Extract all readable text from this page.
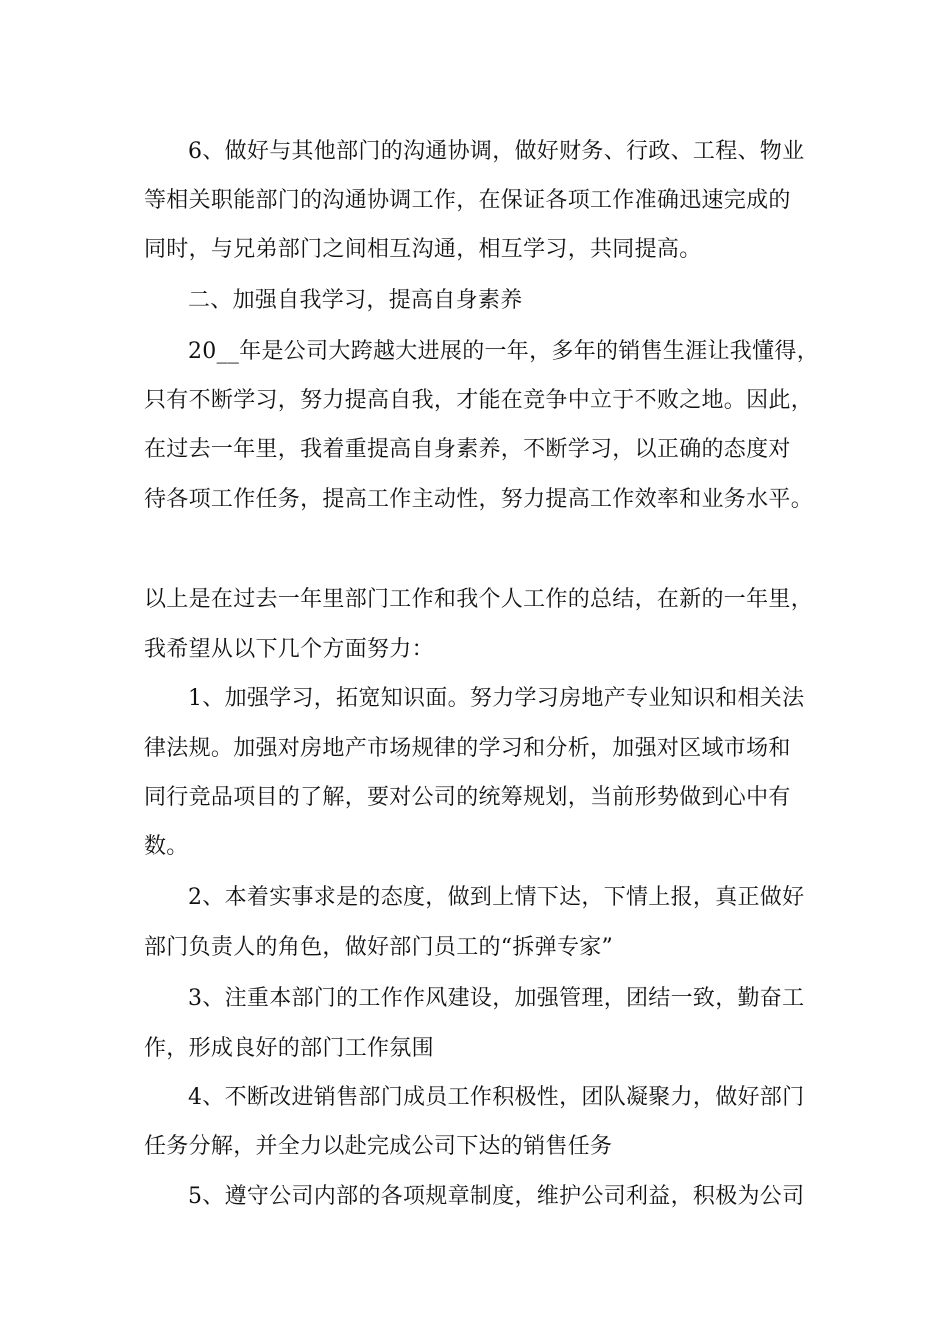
6、做好与其他部门的沟通协调，做好财务、行政、工程、物业
等相关职能部门的沟通协调工作，在保证各项工作准确迅速完成的
同时，与兄弟部门之间相互沟通，相互学习，共同提高。
二、加强自我学习，提高自身素养
20__年是公司大跨越大进展的一年，多年的销售生涯让我懂得，
只有不断学习，努力提高自我，才能在竞争中立于不败之地。因此，
在过去一年里，我着重提高自身素养，不断学习，以正确的态度对
待各项工作任务，提高工作主动性，努力提高工作效率和业务水平。
以上是在过去一年里部门工作和我个人工作的总结，在新的一年里，
我希望从以下几个方面努力：
1、加强学习，拓宽知识面。努力学习房地产专业知识和相关法
律法规。加强对房地产市场规律的学习和分析，加强对区域市场和
同行竞品项目的了解，要对公司的统筹规划，当前形势做到心中有
数。
2、本着实事求是的态度，做到上情下达，下情上报，真正做好
部门负责人的角色，做好部门员工的“拆弹专家”
3、注重本部门的工作作风建设，加强管理，团结一致，勤奋工
作，形成良好的部门工作氛围
4、不断改进销售部门成员工作积极性，团队凝聚力，做好部门
任务分解，并全力以赴完成公司下达的销售任务
5、遵守公司内部的各项规章制度，维护公司利益，积极为公司
